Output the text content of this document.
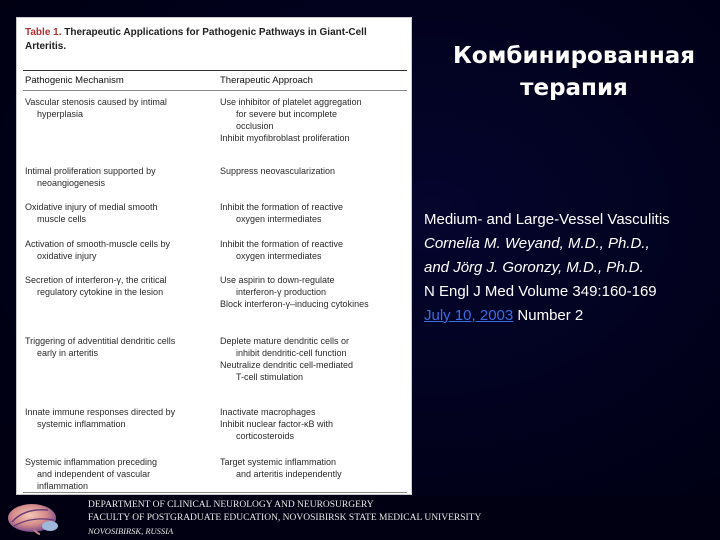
Table 1. Therapeutic Applications for Pathogenic Pathways in Giant-Cell
Arteritis.
Pathogenic Mechanism	Therapeutic Approach
Vascular stenosis caused by intimal
hyperplasia
Use inhibitor of platelet aggregation
for severe but incomplete
occlusion
Inhibit myofibroblast proliferation
Intimal proliferation supported by
neoangiogenesis
Suppress neovascularization
Oxidative injury of medial smooth
muscle cells
Inhibit the formation of reactive
oxygen intermediates
Activation of smooth-muscle cells by
oxidative injury
Inhibit the formation of reactive
oxygen intermediates
Secretion of interferon-γ, the critical
regulatory cytokine in the lesion
Use aspirin to down-regulate
interferon-γ production
Block interferon-γ–inducing cytokines
Triggering of adventitial dendritic cells
early in arteritis
Deplete mature dendritic cells or
inhibit dendritic-cell function
Neutralize dendritic cell-mediated
T-cell stimulation
Innate immune responses directed by
systemic inflammation
Inactivate macrophages
Inhibit nuclear factor-κB with
corticosteroids
Systemic inflammation preceding
and independent of vascular
inflammation
Target systemic inflammation
and arteritis independently
Комбинированная
терапия
Medium- and Large-Vessel Vasculitis
Cornelia M. Weyand, M.D., Ph.D.,
and Jörg J. Goronzy, M.D., Ph.D.
N Engl J Med Volume 349:160-169
July 10, 2003 Number 2
DEPARTMENT OF CLINICAL NEUROLOGY AND NEUROSURGERY
FACULTY OF POSTGRADUATE EDUCATION, NOVOSIBIRSK STATE MEDICAL UNIVERSITY
NOVOSIBIRSK, RUSSIA
